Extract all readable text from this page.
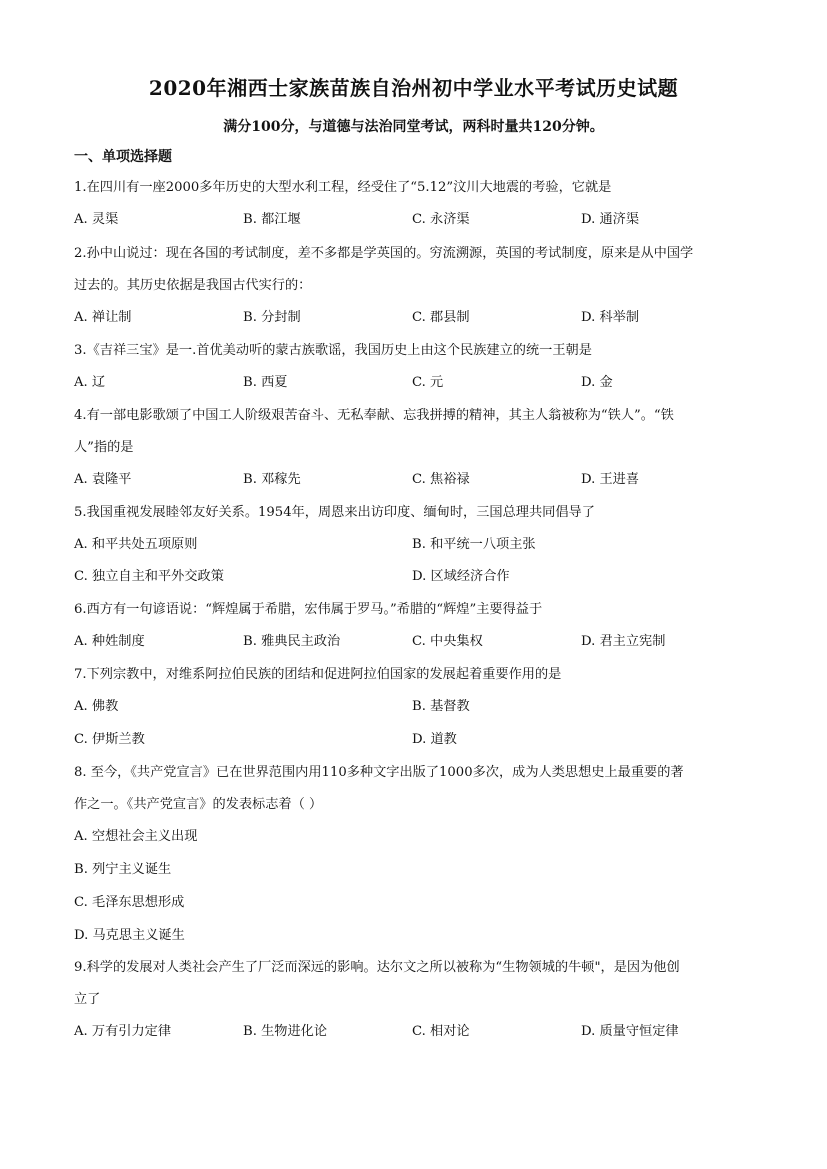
2020年湘西士家族苗族自治州初中学业水平考试历史试题
满分100分，与道德与法治同堂考试，两科时量共120分钟。
一、单项选择题
1.在四川有一座2000多年历史的大型水利工程，经受住了“5.12”汶川大地震的考验，它就是
A. 灵渠	B. 都江堰	C. 永济渠	D. 通济渠
2.孙中山说过：现在各国的考试制度，差不多都是学英国的。穷流溯源，英国的考试制度，原来是从中国学
过去的。其历史依据是我国古代实行的：
A. 禅让制	B. 分封制	C. 郡县制	D. 科举制
3.《吉祥三宝》是一.首优美动听的蒙古族歌谣，我国历史上由这个民族建立的统一王朝是
A. 辽	B. 西夏	C. 元	D. 金
4.有一部电影歌颂了中国工人阶级艰苦奋斗、无私奉献、忘我拼搏的精神，其主人翁被称为“铁人”。“铁
人”指的是
A. 袁隆平	B. 邓稼先	C. 焦裕禄	D. 王进喜
5.我国重视发展睦邻友好关系。1954年，周恩来出访印度、缅甸时，三国总理共同倡导了
A. 和平共处五项原则	B. 和平统一八项主张
C. 独立自主和平外交政策	D. 区域经济合作
6.西方有一句谚语说：“辉煌属于希腊，宏伟属于罗马。”希腊的“辉煌”主要得益于
A. 种姓制度	B. 雅典民主政治	C. 中央集权	D. 君主立宪制
7.下列宗教中，对维系阿拉伯民族的团结和促进阿拉伯国家的发展起着重要作用的是
A. 佛教	B. 基督教
C. 伊斯兰教	D. 道教
8. 至今，《共产党宣言》已在世界范围内用110多种文字出版了1000多次，成为人类思想史上最重要的著
作之一。《共产党宣言》的发表标志着（ ）
A. 空想社会主义出现
B. 列宁主义诞生
C. 毛泽东思想形成
D. 马克思主义诞生
9.科学的发展对人类社会产生了厂泛而深远的影响。达尔文之所以被称为“生物领城的牛顿"，是因为他创
立了
A. 万有引力定律	B. 生物进化论	C. 相对论	D. 质量守恒定律
